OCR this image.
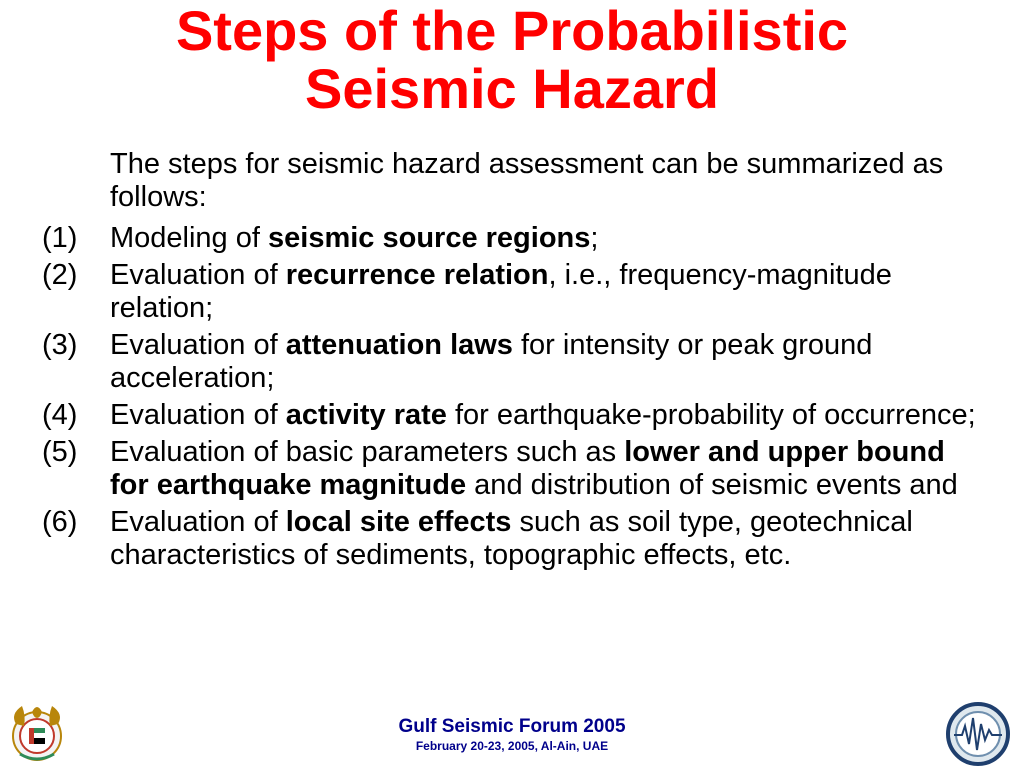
Steps of the Probabilistic
Seismic Hazard
The steps for seismic hazard assessment can be summarized as follows:
(1) Modeling of seismic source regions;
(2) Evaluation of recurrence relation, i.e., frequency-magnitude relation;
(3) Evaluation of attenuation laws for intensity or peak ground acceleration;
(4) Evaluation of activity rate for earthquake-probability of occurrence;
(5) Evaluation of basic parameters such as lower and upper bound for earthquake magnitude and distribution of seismic events and
(6) Evaluation of local site effects such as soil type, geotechnical characteristics of sediments, topographic effects, etc.
Gulf Seismic Forum 2005
February 20-23, 2005, Al-Ain, UAE
